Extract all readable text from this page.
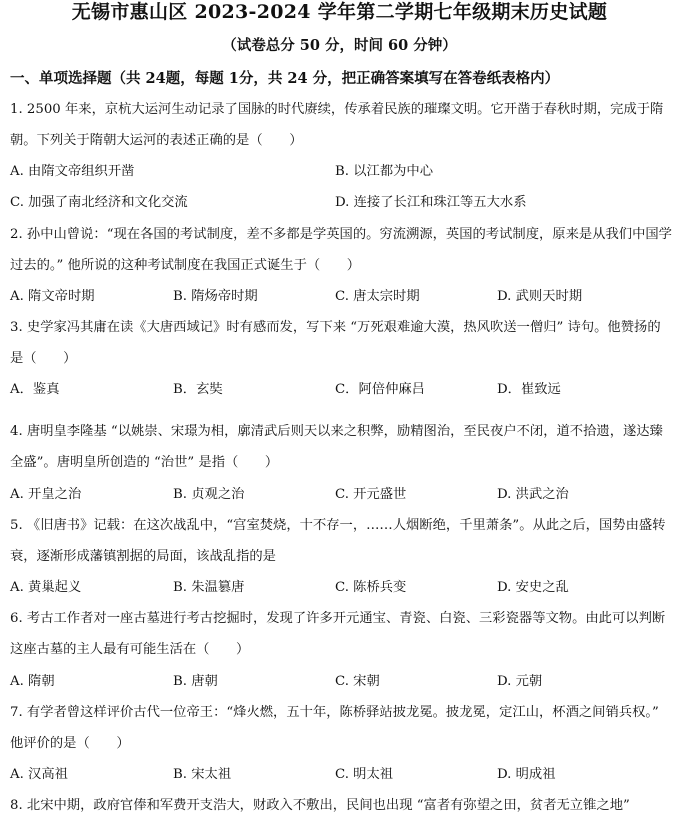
无锡市惠山区 2023-2024 学年第二学期七年级期末历史试题
（试卷总分 50 分，时间 60 分钟）
一、单项选择题（共 24题，每题 1分，共 24 分，把正确答案填写在答卷纸表格内）
1. 2500 年来，京杭大运河生动记录了国脉的时代赓续，传承着民族的璀璨文明。它开凿于春秋时期，完成于隋朝。下列关于隋朝大运河的表述正确的是（　　）
A. 由隋文帝组织开凿	B. 以江都为中心
C. 加强了南北经济和文化交流	D. 连接了长江和珠江等五大水系
2. 孙中山曾说：“现在各国的考试制度，差不多都是学英国的。穷流溯源，英国的考试制度，原来是从我们中国学过去的。” 他所说的这种考试制度在我国正式诞生于（　　）
A. 隋文帝时期	B. 隋炀帝时期	C. 唐太宗时期	D. 武则天时期
3. 史学家冯其庸在读《大唐西域记》时有感而发，写下来 “万死艰难逾大漠，热风吹送一僧归” 诗句。他赞扬的是（　　）
A．鉴真	B．玄奘	C．阿倍仲麻吕	D．崔致远
4. 唐明皇李隆基 “以姚崇、宋璟为相，廓清武后则天以来之积弊，励精图治，至民夜户不闭，道不拾遗，遂达臻全盛”。唐明皇所创造的 “治世” 是指（　　）
A. 开皇之治	B. 贞观之治	C. 开元盛世	D. 洪武之治
5. 《旧唐书》记载：在这次战乱中，“宫室焚烧，十不存一，……人烟断绝，千里萧条”。从此之后，国势由盛转衰，逐渐形成藩镇割据的局面，该战乱指的是
A. 黄巢起义	B. 朱温篡唐	C. 陈桥兵变	D. 安史之乱
6. 考古工作者对一座古墓进行考古挖掘时，发现了许多开元通宝、青瓷、白瓷、三彩瓷器等文物。由此可以判断这座古墓的主人最有可能生活在（　　）
A. 隋朝	B. 唐朝	C. 宋朝	D. 元朝
7. 有学者曾这样评价古代一位帝王：“烽火燃，五十年，陈桥驿站披龙冕。披龙冕，定江山，杯酒之间销兵权。” 他评价的是（　　）
A. 汉高祖	B. 宋太祖	C. 明太祖	D. 明成祖
8. 北宋中期，政府官俸和军费开支浩大，财政入不敷出，民间也出现 “富者有弥望之田，贫者无立锥之地”
